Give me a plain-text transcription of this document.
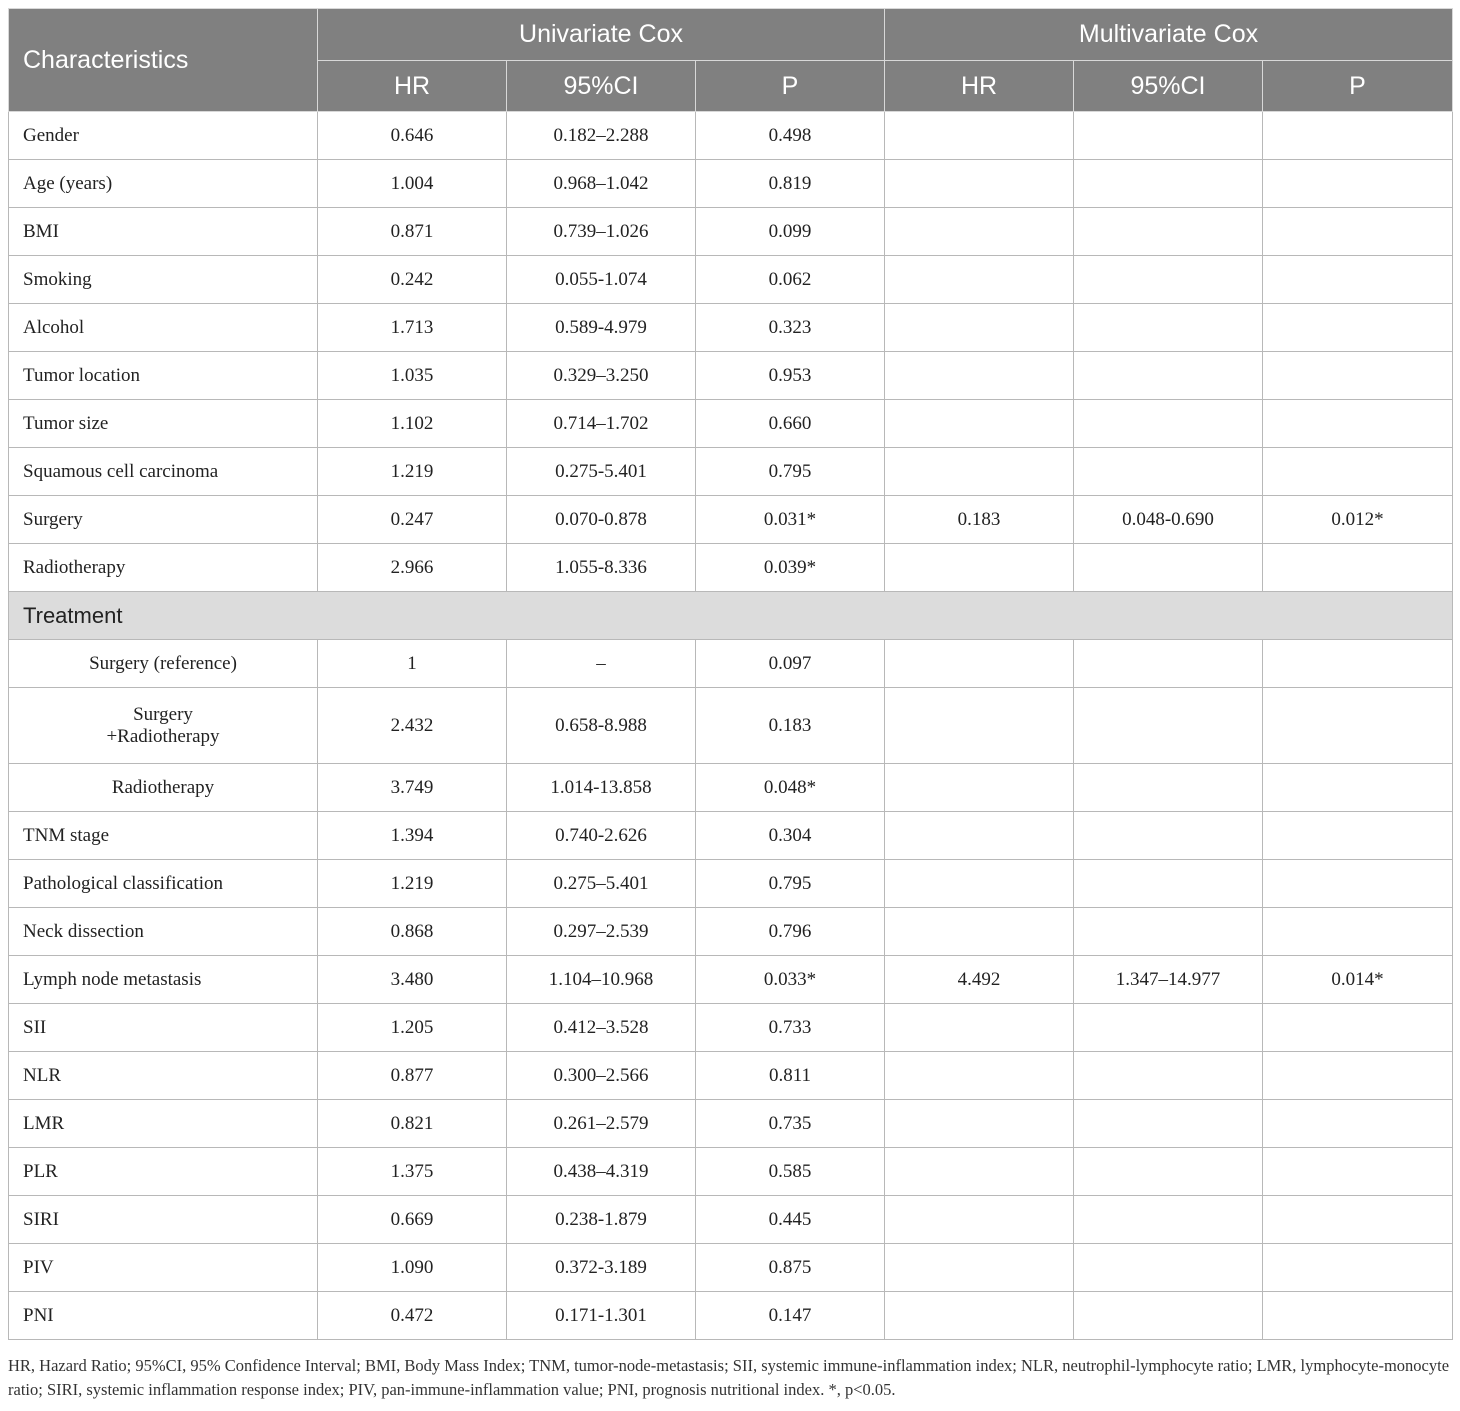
Characteristics	Univariate Cox			Multivariate Cox		
	HR	95%CI	P	HR	95%CI	P
Gender	0.646	0.182–2.288	0.498			
Age (years)	1.004	0.968–1.042	0.819			
BMI	0.871	0.739–1.026	0.099			
Smoking	0.242	0.055-1.074	0.062			
Alcohol	1.713	0.589-4.979	0.323			
Tumor location	1.035	0.329–3.250	0.953			
Tumor size	1.102	0.714–1.702	0.660			
Squamous cell carcinoma	1.219	0.275-5.401	0.795			
Surgery	0.247	0.070-0.878	0.031*	0.183	0.048-0.690	0.012*
Radiotherapy	2.966	1.055-8.336	0.039*			
Treatment						
Surgery (reference)	1	–	0.097			
Surgery
+Radiotherapy	2.432	0.658-8.988	0.183			
Radiotherapy	3.749	1.014-13.858	0.048*			
TNM stage	1.394	0.740-2.626	0.304			
Pathological classification	1.219	0.275–5.401	0.795			
Neck dissection	0.868	0.297–2.539	0.796			
Lymph node metastasis	3.480	1.104–10.968	0.033*	4.492	1.347–14.977	0.014*
SII	1.205	0.412–3.528	0.733			
NLR	0.877	0.300–2.566	0.811			
LMR	0.821	0.261–2.579	0.735			
PLR	1.375	0.438–4.319	0.585			
SIRI	0.669	0.238-1.879	0.445			
PIV	1.090	0.372-3.189	0.875			
PNI	0.472	0.171-1.301	0.147			
HR, Hazard Ratio; 95%CI, 95% Confidence Interval; BMI, Body Mass Index; TNM, tumor-node-metastasis; SII, systemic immune-inflammation index; NLR, neutrophil-lymphocyte ratio; LMR, lymphocyte-monocyte ratio; SIRI, systemic inflammation response index; PIV, pan-immune-inflammation value; PNI, prognosis nutritional index. *, p<0.05.
